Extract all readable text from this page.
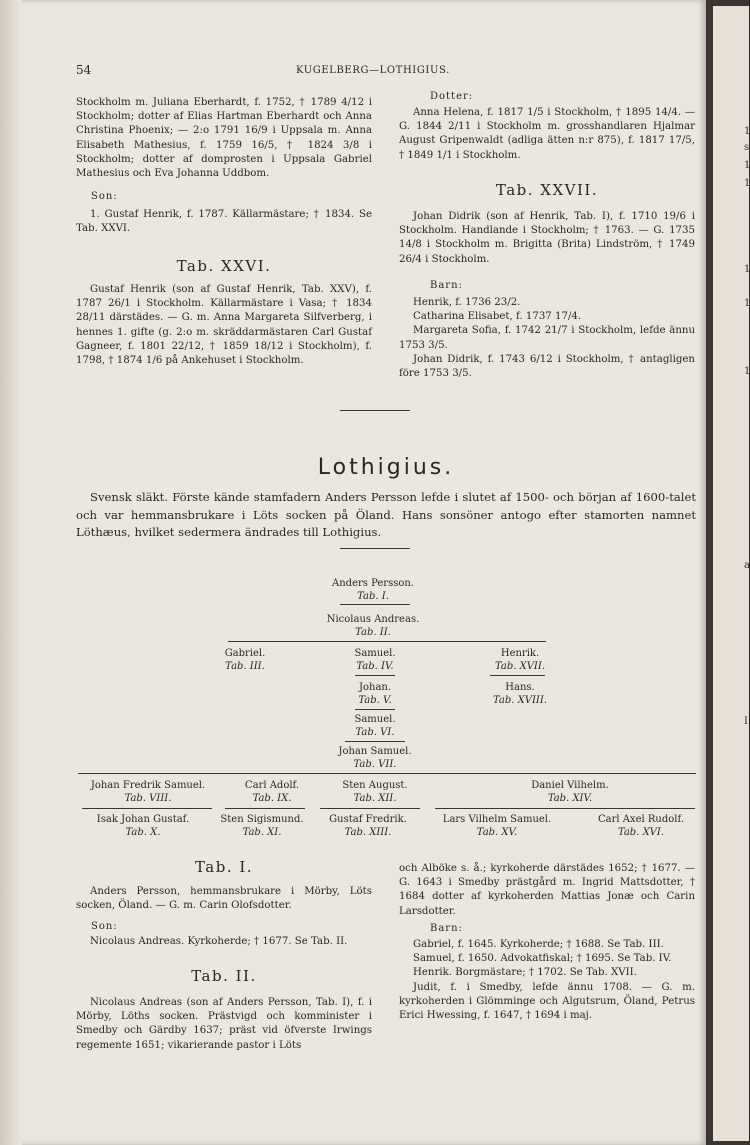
54	KUGELBERG—LOTHIGIUS.

Stockholm m. Juliana Eberhardt, f. 1752, † 1789 4/12 i Stockholm; dotter af Elias Hartman Eberhardt och Anna Christina Phoenix; — 2:o 1791 16/9 i Uppsala m. Anna Elisabeth Mathesius, f. 1759 16/5, † 1824 3/8 i Stockholm; dotter af domprosten i Uppsala Gabriel Mathesius och Eva Johanna Uddbom.

Son:

1. Gustaf Henrik, f. 1787. Källarmästare; † 1834. Se Tab. XXVI.

Tab. XXVI.

Gustaf Henrik (son af Gustaf Henrik, Tab. XXV), f. 1787 26/1 i Stockholm. Källarmästare i Vasa; † 1834 28/11 därstädes. — G. m. Anna Margareta Silfverberg, i hennes 1. gifte (g. 2:o m. skräddarmästaren Carl Gustaf Gagneer, f. 1801 22/12, † 1859 18/12 i Stockholm), f. 1798, † 1874 1/6 på Ankehuset i Stockholm.

Dotter:

Anna Helena, f. 1817 1/5 i Stockholm, † 1895 14/4. — G. 1844 2/11 i Stockholm m. grosshandlaren Hjalmar August Gripenwaldt (adliga ätten n:r 875), f. 1817 17/5, † 1849 1/1 i Stockholm.

Tab. XXVII.

Johan Didrik (son af Henrik, Tab. I), f. 1710 19/6 i Stockholm. Handlande i Stockholm; † 1763. — G. 1735 14/8 i Stockholm m. Brigitta (Brita) Lindström, † 1749 26/4 i Stockholm.

Barn:
Henrik, f. 1736 23/2.
Catharina Elisabet, f. 1737 17/4.
Margareta Sofia, f. 1742 21/7 i Stockholm, lefde ännu 1753 3/5.
Johan Didrik, f. 1743 6/12 i Stockholm, † antagligen före 1753 3/5.
Lothigius.

Svensk släkt. Förste kände stamfadern Anders Persson lefde i slutet af 1500- och början af 1600-talet och var hemmansbrukare i Löts socken på Öland. Hans sonsöner antogo efter stamorten namnet Löthæus, hvilket sedermera ändrades till Lothigius.

Anders Persson.
Tab. I.
Nicolaus Andreas.
Tab. II.
Gabriel.
Tab. III.
Samuel.
Tab. IV.
Henrik.
Tab. XVII.
Johan.
Tab. V.
Hans.
Tab. XVIII.
Samuel.
Tab. VI.
Johan Samuel.
Tab. VII.
Johan Fredrik Samuel.
Tab. VIII.
Carl Adolf.
Tab. IX.
Sten August.
Tab. XII.
Daniel Vilhelm.
Tab. XIV.
Isak Johan Gustaf.
Tab. X.
Sten Sigismund.
Tab. XI.
Gustaf Fredrik.
Tab. XIII.
Lars Vilhelm Samuel.
Tab. XV.
Carl Axel Rudolf.
Tab. XVI.
Tab. I.

Anders Persson, hemmansbrukare i Mörby, Löts socken, Öland. — G. m. Carin Olofsdotter.

Son:

Nicolaus Andreas. Kyrkoherde; † 1677. Se Tab. II.

Tab. II.

Nicolaus Andreas (son af Anders Persson, Tab. I), f. i Mörby, Löths socken. Prästvigd och komminister i Smedby och Gärdby 1637; präst vid öfverste Irwings regemente 1651; vikarierande pastor i Löts

och Alböke s. å.; kyrkoherde därstädes 1652; † 1677. — G. 1643 i Smedby prästgård m. Ingrid Mattsdotter, † 1684 dotter af kyrkoherden Mattias Jonæ och Carin Larsdotter.

Barn:
Gabriel, f. 1645. Kyrkoherde; † 1688. Se Tab. III.
Samuel, f. 1650. Advokatfiskal; † 1695. Se Tab. IV.
Henrik. Borgmästare; † 1702. Se Tab. XVII.
Judit, f. i Smedby, lefde ännu 1708. — G. m. kyrkoherden i Glömminge och Algutsrum, Öland, Petrus Erici Hwessing, f. 1647, † 1694 i maj.
1
s
1
1
1
1
1
a
I
